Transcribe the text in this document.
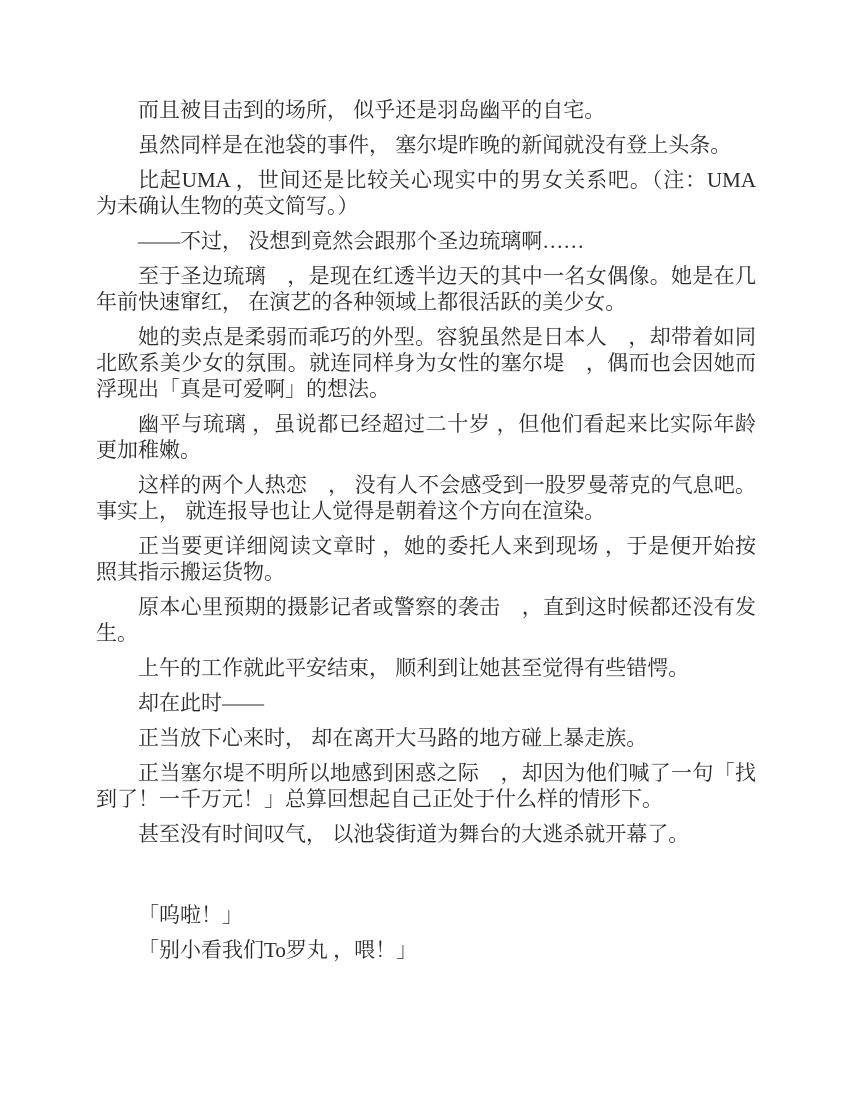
而且被目击到的场所， 似乎还是羽岛幽平的自宅。

虽然同样是在池袋的事件， 塞尔堤昨晚的新闻就没有登上头条。

比起UMA ，世间还是比较关心现实中的男女关系吧。（注：UMA 为未确认生物的英文简写。）

——不过， 没想到竟然会跟那个圣边琉璃啊……

至于圣边琉璃　，是现在红透半边天的其中一名女偶像。她是在几年前快速窜红， 在演艺的各种领域上都很活跃的美少女。

她的卖点是柔弱而乖巧的外型。容貌虽然是日本人　，却带着如同北欧系美少女的氛围。就连同样身为女性的塞尔堤　，偶而也会因她而浮现出「真是可爱啊」的想法。

幽平与琉璃 ，虽说都已经超过二十岁 ，但他们看起来比实际年龄更加稚嫩。

这样的两个人热恋　， 没有人不会感受到一股罗曼蒂克的气息吧。事实上， 就连报导也让人觉得是朝着这个方向在渲染。

正当要更详细阅读文章时 ，她的委托人来到现场 ，于是便开始按照其指示搬运货物。

原本心里预期的摄影记者或警察的袭击　，直到这时候都还没有发生。

上午的工作就此平安结束， 顺利到让她甚至觉得有些错愕。

却在此时——

正当放下心来时， 却在离开大马路的地方碰上暴走族。

正当塞尔堤不明所以地感到困惑之际　，却因为他们喊了一句「找到了！一千万元！」总算回想起自己正处于什么样的情形下。

甚至没有时间叹气， 以池袋街道为舞台的大逃杀就开幕了。

「呜啦！」

「别小看我们To罗丸 ，喂！」
